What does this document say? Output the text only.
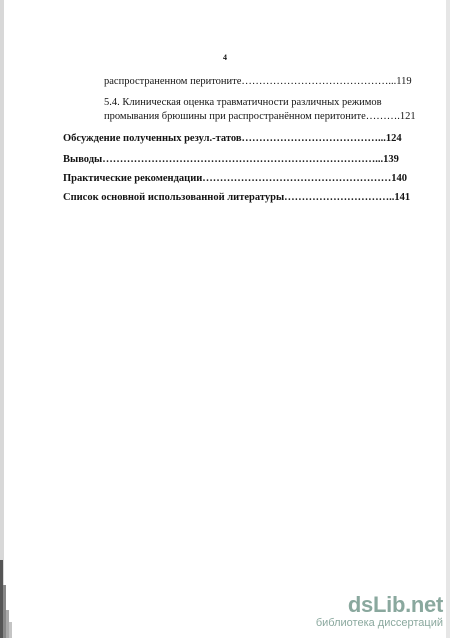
4
распространенном перитоните……………………………………...119
5.4. Клиническая оценка травматичности различных режимов
промывания брюшины при распространённом перитоните……….121
Обсуждение полученных резул.-татов…………………………………...124
Выводы……………………………………………………………………...139
Практические рекомендации………………………………………………140
Список основной использованной литературы…………………………..141
dsLib.net
библиотека диссертаций
